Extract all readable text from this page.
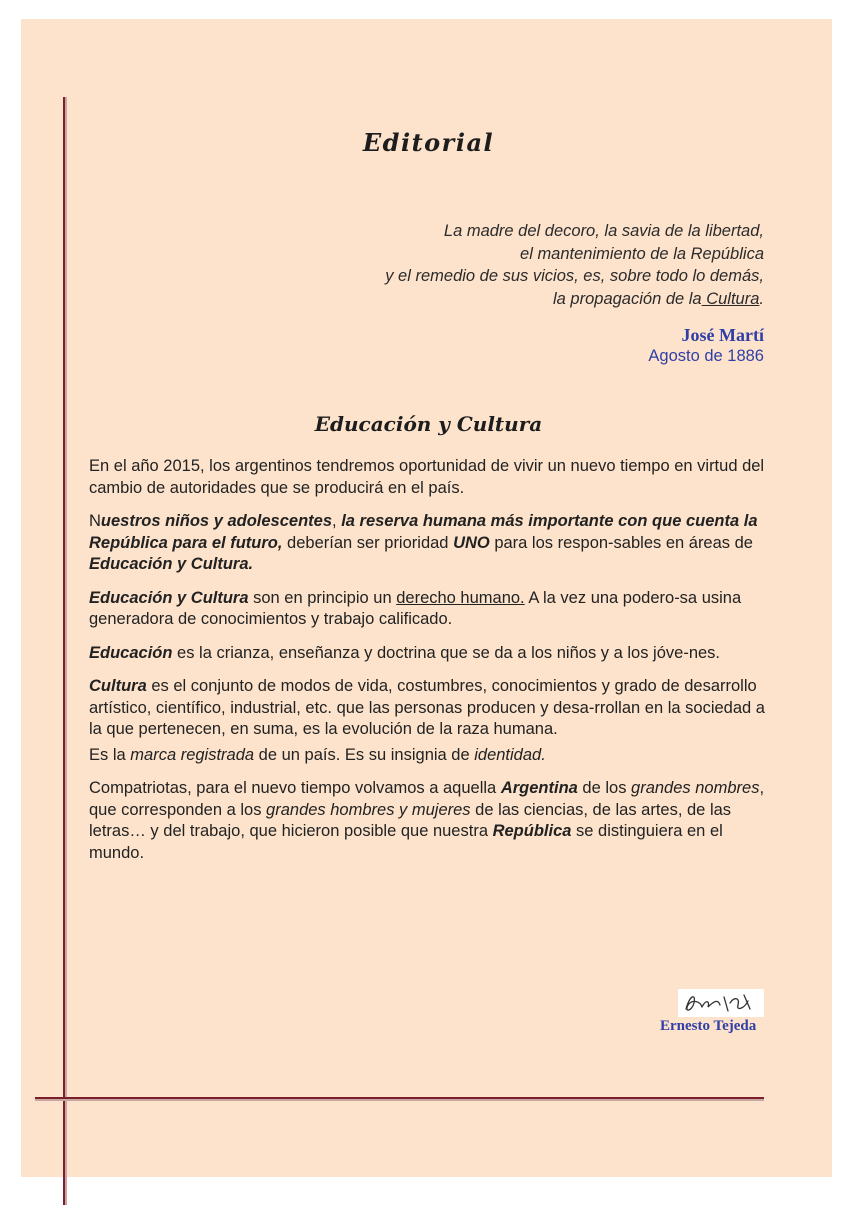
Editorial
La madre del decoro, la savia de la libertad,
el mantenimiento de la República
y el remedio de sus vicios, es, sobre todo lo demás,
la propagación de la Cultura.
José Martí
Agosto de 1886
Educación y Cultura

En el año 2015, los argentinos tendremos oportunidad de vivir un nuevo tiempo en virtud del cambio de autoridades que se producirá en el país.

Nuestros niños y adolescentes, la reserva humana más importante con que cuenta la República para el futuro, deberían ser prioridad UNO para los respon-sables en áreas de Educación y Cultura.

Educación y Cultura son en principio un derecho humano. A la vez una podero-sa usina generadora de conocimientos y trabajo calificado.

Educación es la crianza, enseñanza y doctrina que se da a los niños y a los jóve-nes.

Cultura es el conjunto de modos de vida, costumbres, conocimientos y grado de desarrollo artístico, científico, industrial, etc. que las personas producen y desa-rrollan en la sociedad a la que pertenecen, en suma, es la evolución de la raza humana.

Es la marca registrada de un país. Es su insignia de identidad.

Compatriotas, para el nuevo tiempo volvamos a aquella Argentina de los grandes nombres, que corresponden a los grandes hombres y mujeres de las ciencias, de las artes, de las letras… y del trabajo, que hicieron posible que nuestra República se distinguiera en el mundo.

Ernesto Tejeda
